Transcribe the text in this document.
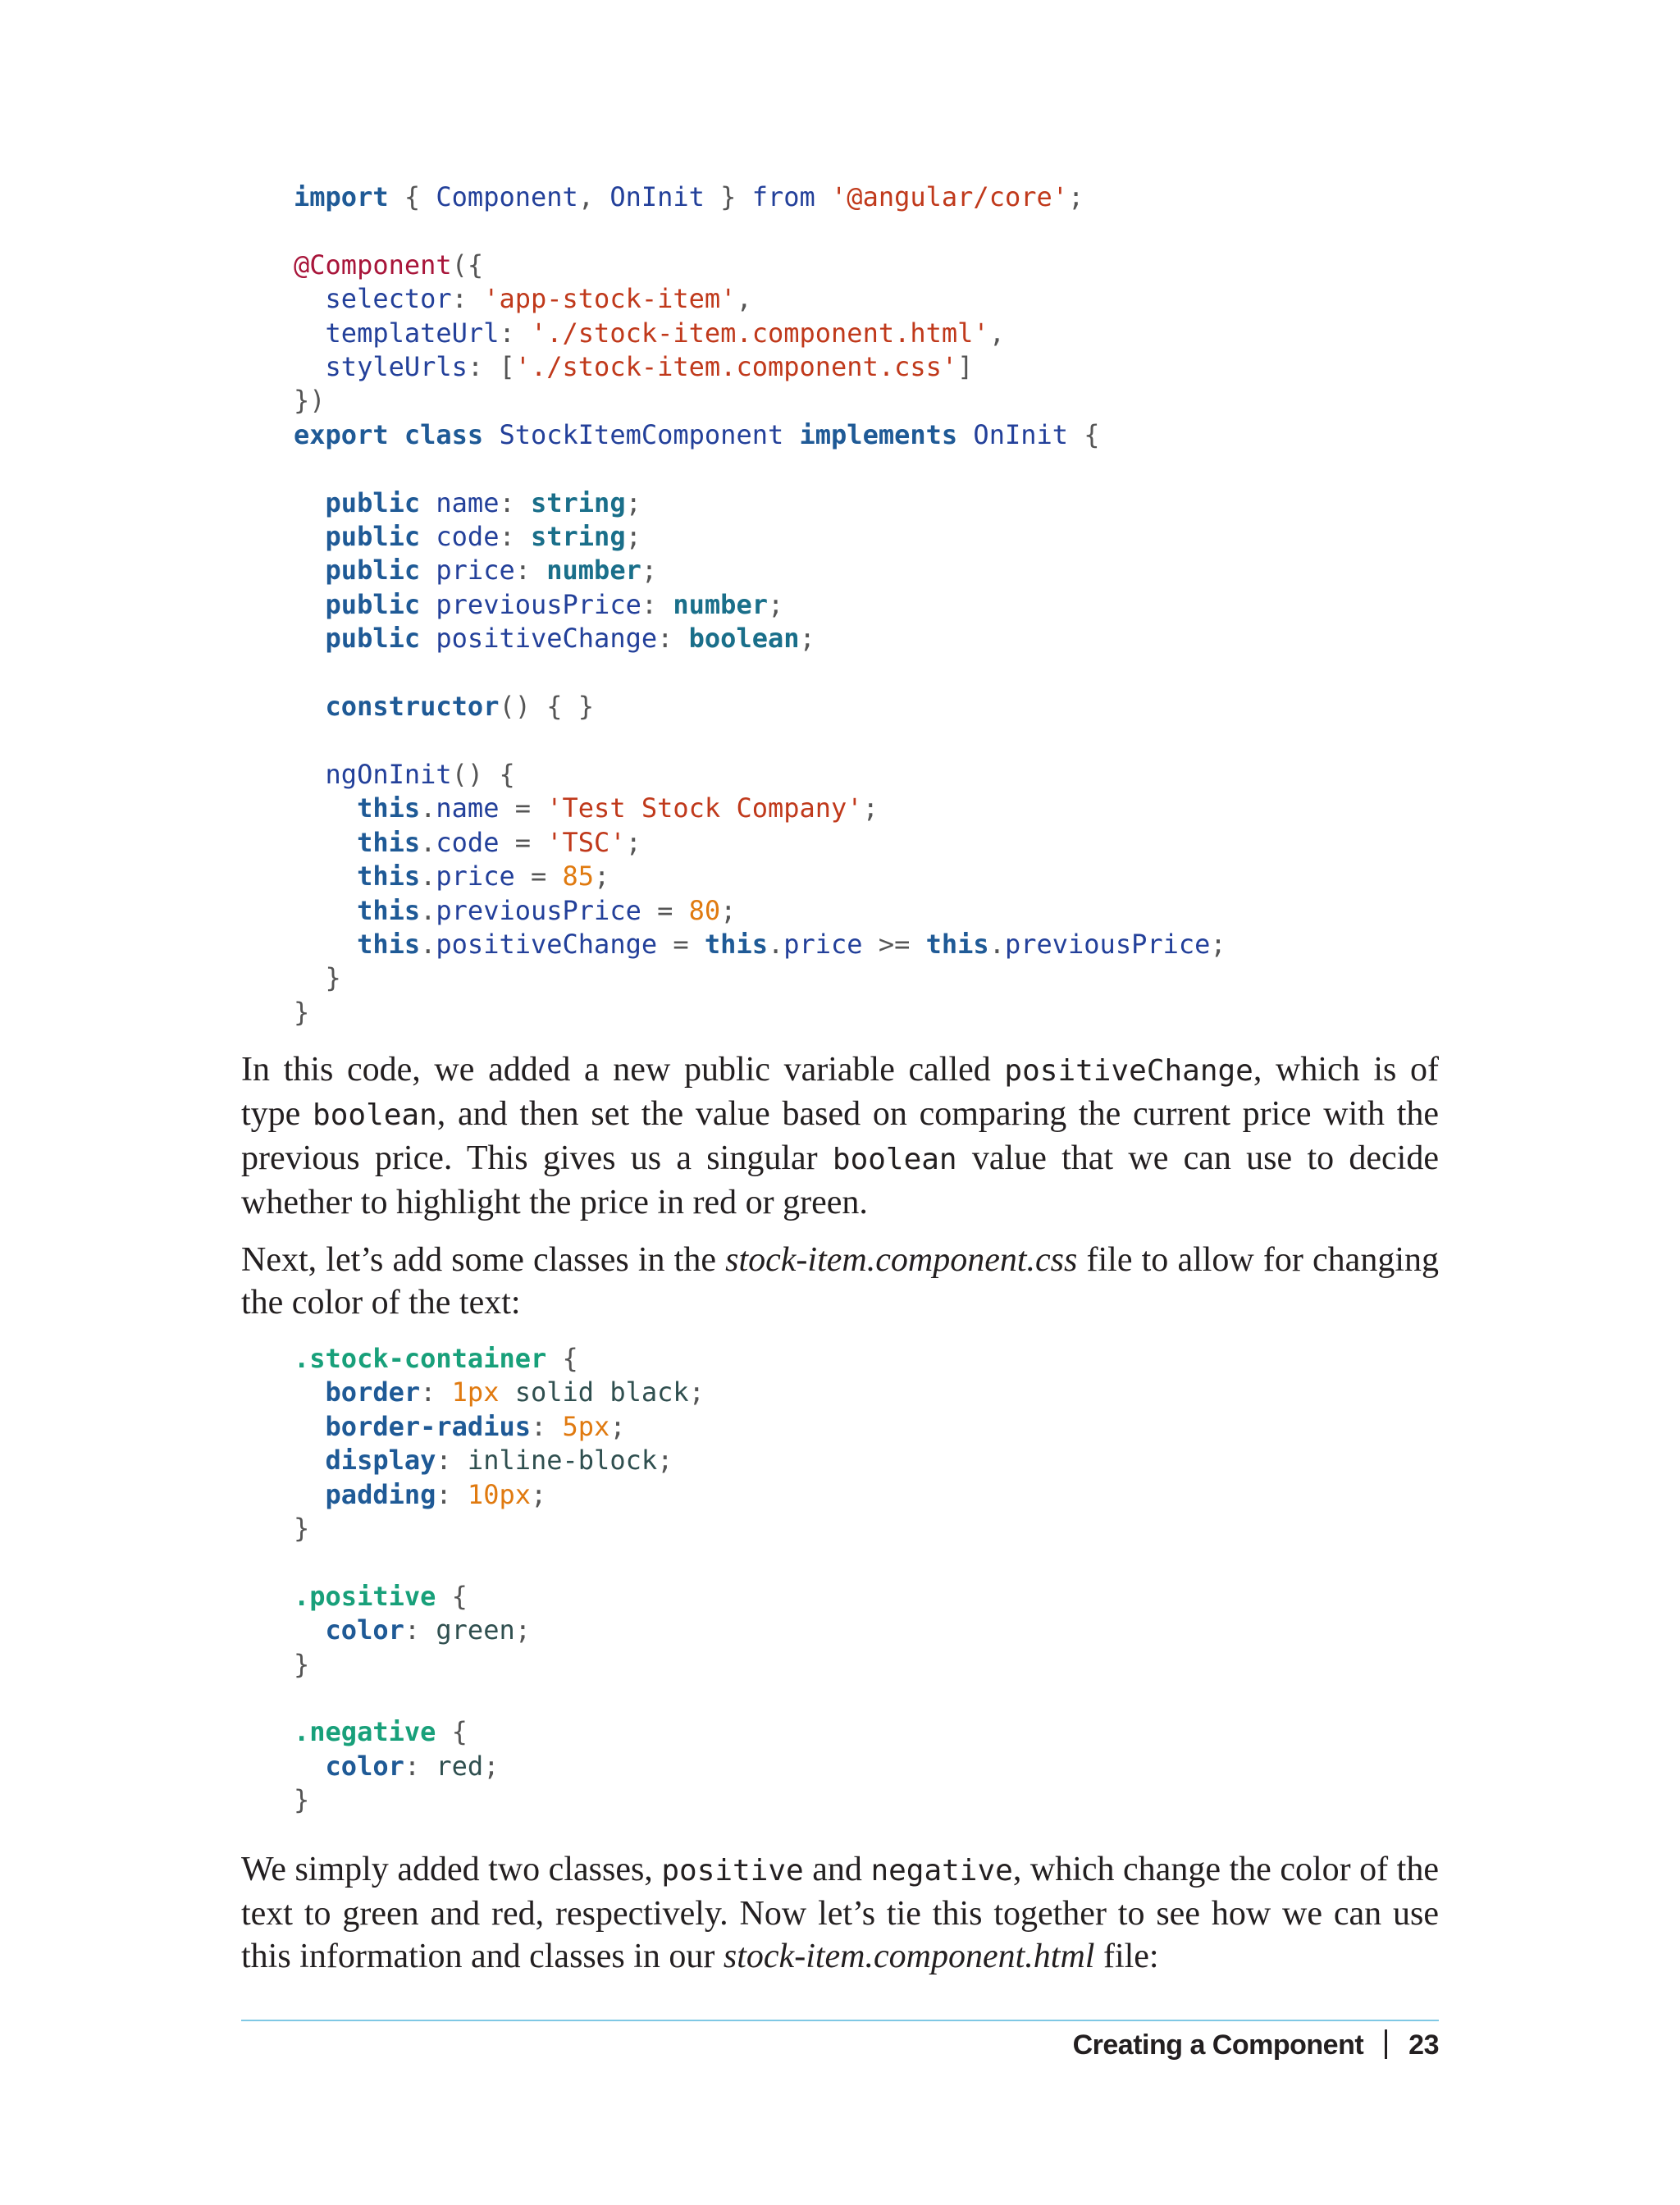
import { Component, OnInit } from '@angular/core';

@Component({
selector: 'app-stock-item',
templateUrl: './stock-item.component.html',
styleUrls: ['./stock-item.component.css']
})
export class StockItemComponent implements OnInit {

public name: string;
public code: string;
public price: number;
public previousPrice: number;
public positiveChange: boolean;

constructor() { }

ngOnInit() {
this.name = 'Test Stock Company';
this.code = 'TSC';
this.price = 85;
this.previousPrice = 80;
this.positiveChange = this.price >= this.previousPrice;
}
}

In this code, we added a new public variable called positiveChange, which is of type boolean, and then set the value based on comparing the current price with the previous price. This gives us a singular boolean value that we can use to decide whether to highlight the price in red or green.

Next, let’s add some classes in the stock-item.component.css file to allow for changing the color of the text:

.stock-container {
border: 1px solid black;
border-radius: 5px;
display: inline-block;
padding: 10px;
}

.positive {
color: green;
}

.negative {
color: red;
}

We simply added two classes, positive and negative, which change the color of the text to green and red, respectively. Now let’s tie this together to see how we can use this information and classes in our stock-item.component.html file:

Creating a Component 23
